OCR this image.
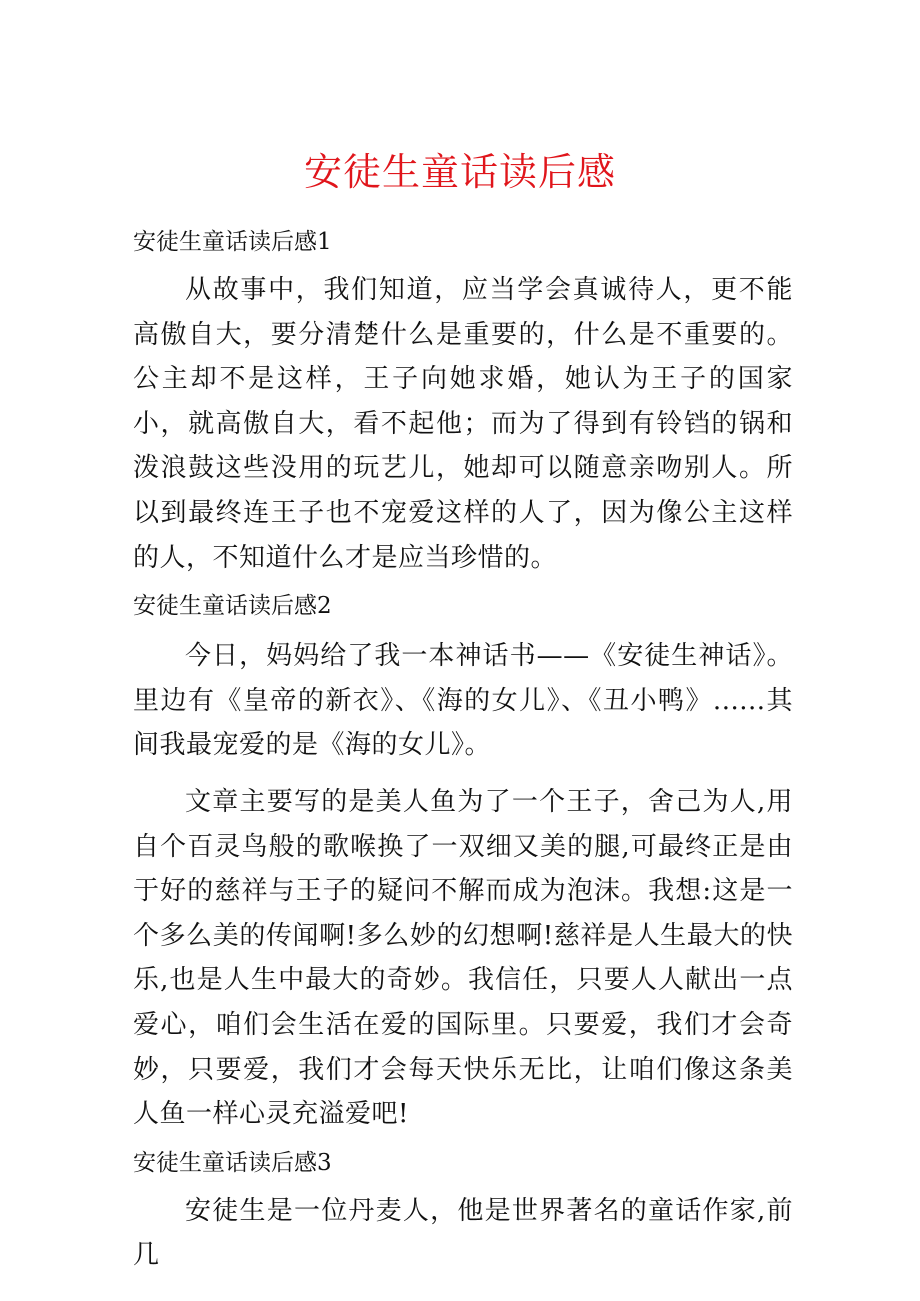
安徒生童话读后感
安徒生童话读后感1

从故事中，我们知道，应当学会真诚待人，更不能高傲自大，要分清楚什么是重要的，什么是不重要的。公主却不是这样，王子向她求婚，她认为王子的国家小，就高傲自大，看不起他；而为了得到有铃铛的锅和泼浪鼓这些没用的玩艺儿，她却可以随意亲吻别人。所以到最终连王子也不宠爱这样的人了，因为像公主这样的人，不知道什么才是应当珍惜的。

安徒生童话读后感2

今日，妈妈给了我一本神话书——《安徒生神话》。里边有《皇帝的新衣》、《海的女儿》、《丑小鸭》......其间我最宠爱的是《海的女儿》。

文章主要写的是美人鱼为了一个王子，舍己为人,用自个百灵鸟般的歌喉换了一双细又美的腿,可最终正是由于好的慈祥与王子的疑问不解而成为泡沫。我想:这是一个多么美的传闻啊!多么妙的幻想啊!慈祥是人生最大的快乐,也是人生中最大的奇妙。我信任，只要人人献出一点爱心，咱们会生活在爱的国际里。只要爱，我们才会奇妙，只要爱，我们才会每天快乐无比，让咱们像这条美人鱼一样心灵充溢爱吧!

安徒生童话读后感3

安徒生是一位丹麦人，他是世界著名的童话作家,前几
